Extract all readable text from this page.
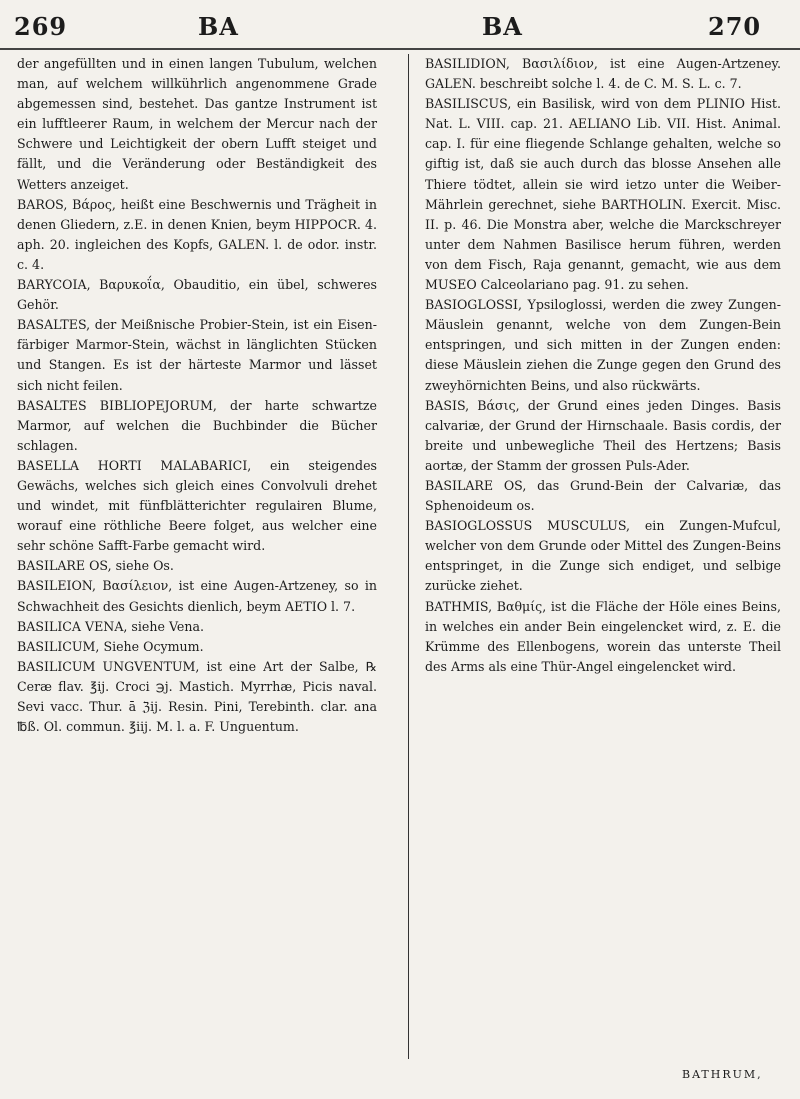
269	BA	BA	270

der angefüllten und in einen langen Tubulum, welchen man, auf welchem willkührlich angenommene Grade abgemessen sind, bestehet. Das gantze Instrument ist ein lufftleerer Raum, in welchem der Mercur nach der Schwere und Leichtigkeit der obern Lufft steiget und fällt, und die Veränderung oder Beständigkeit des Wetters anzeiget.

BAROS, Βάρος, heißt eine Beschwernis und Trägheit in denen Gliedern, z.E. in denen Knien, beym HIPPOCR. 4. aph. 20. ingleichen des Kopfs, GALEN. l. de odor. instr. c. 4.

BARYCOIA, Βαρυκοΐα, Obauditio, ein übel, schweres Gehör.

BASALTES, der Meißnische Probier-Stein, ist ein Eisen-färbiger Marmor-Stein, wächst in länglichten Stücken und Stangen. Es ist der härteste Marmor und lässet sich nicht feilen.

BASALTES BIBLIOPEJORUM, der harte schwartze Marmor, auf welchen die Buchbinder die Bücher schlagen.

BASELLA HORTI MALABARICI, ein steigendes Gewächs, welches sich gleich eines Convolvuli drehet und windet, mit fünfblätterichter regulairen Blume, worauf eine röthliche Beere folget, aus welcher eine sehr schöne Safft-Farbe gemacht wird.

BASILARE OS, siehe Os.

BASILEION, Βασίλειον, ist eine Augen-Artzeney, so in Schwachheit des Gesichts dienlich, beym AETIO l. 7.

BASILICA VENA, siehe Vena.

BASILICUM, Siehe Ocymum.

BASILICUM UNGVENTUM, ist eine Art der Salbe, ℞ Ceræ flav. ℥ij. Croci ℈j. Mastich. Myrrhæ, Picis naval. Sevi vacc. Thur. ā ℨij. Resin. Pini, Terebinth. clar. ana ℔ß. Ol. commun. ℥iij. M. l. a. F. Unguentum.

BASILIDION, Βασιλίδιον, ist eine Augen-Artzeney. GALEN. beschreibt solche l. 4. de C. M. S. L. c. 7.

BASILISCUS, ein Basilisk, wird von dem PLINIO Hist. Nat. L. VIII. cap. 21. AELIANO Lib. VII. Hist. Animal. cap. I. für eine fliegende Schlange gehalten, welche so giftig ist, daß sie auch durch das blosse Ansehen alle Thiere tödtet, allein sie wird ietzo unter die Weiber-Mährlein gerechnet, siehe BARTHOLIN. Exercit. Misc. II. p. 46. Die Monstra aber, welche die Marckschreyer unter dem Nahmen Basilisce herum führen, werden von dem Fisch, Raja genannt, gemacht, wie aus dem MUSEO Calceolariano pag. 91. zu sehen.

BASIOGLOSSI, Ypsiloglossi, werden die zwey Zungen-Mäuslein genannt, welche von dem Zungen-Bein entspringen, und sich mitten in der Zungen enden: diese Mäuslein ziehen die Zunge gegen den Grund des zweyhörnichten Beins, und also rückwärts.

BASIS, Βάσις, der Grund eines jeden Dinges. Basis calvariæ, der Grund der Hirnschaale. Basis cordis, der breite und unbewegliche Theil des Hertzens; Basis aortæ, der Stamm der grossen Puls-Ader.

BASILARE OS, das Grund-Bein der Calvariæ, das Sphenoideum os.

BASIOGLOSSUS MUSCULUS, ein Zungen-Mufcul, welcher von dem Grunde oder Mittel des Zungen-Beins entspringet, in die Zunge sich endiget, und selbige zurücke ziehet.

BATHMIS, Βαθμίς, ist die Fläche der Höle eines Beins, in welches ein ander Bein eingelencket wird, z. E. die Krümme des Ellenbogens, worein das unterste Theil des Arms als eine Thür-Angel eingelencket wird.

BATHRUM,
